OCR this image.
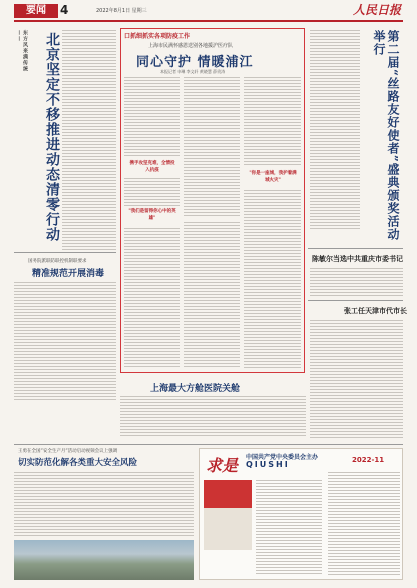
要闻	4	2022年8月1日 星期三	人民日报
东方风来满传统——	北京坚定不移推进动态清零行动
国务院派联防联控机制联要求
精准规范开展消毒
口抓细抓实各项防疫工作
上海市民满怀感恩送别各地援沪医疗队
同心守护 情暖浦江
本报记者 申琳 李文轩 黄晓慧 薛贵涛
携手攻坚克难，全情投入抗疫
"我们是留得你心中的英雄"
"你是一座城，我护着满城火灾"
上海最大方舱医院关舱
第二届“丝路友好使者”盛典颁奖活动举行
陈敏尔当选中共重庆市委书记
张工任天津市代市长
王勇在全国”安全生产月”活动启动视频会议上强调
切实防范化解各类重大安全风险	求是 中国共产党中央委员会主办
QIUSHI	2022-11
